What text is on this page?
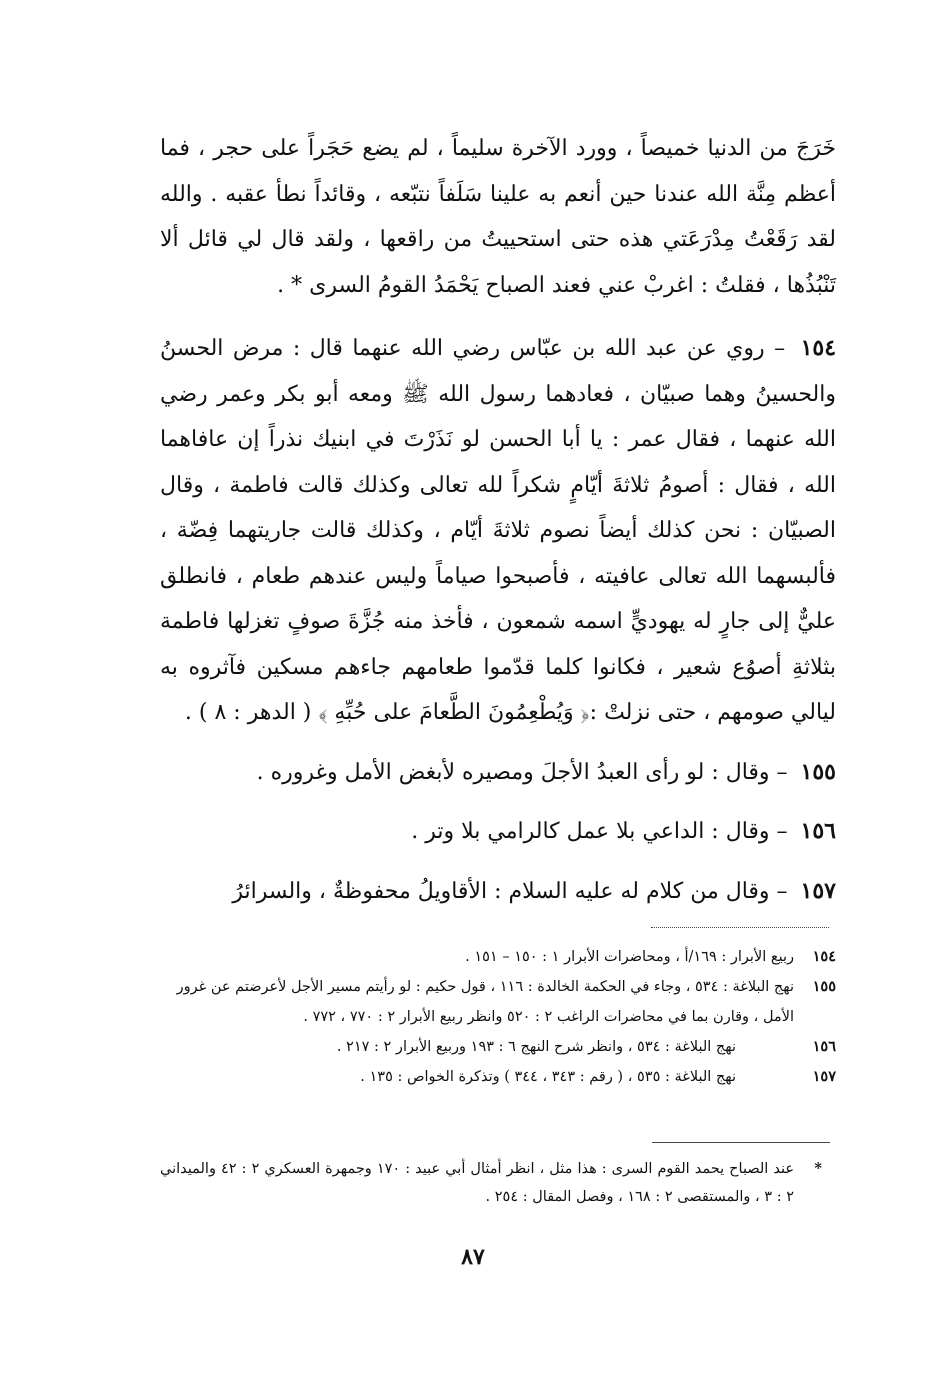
خَرَجَ من الدنيا خميصاً ، وورد الآخرة سليماً ، لم يضع حَجَراً على حجر ، فما أعظم مِنَّة الله عندنا حين أنعم به علينا سَلَفاً نتبّعه ، وقائداً نطأ عقبه . والله لقد رَقَعْتُ مِدْرَعَتي هذه حتى استحييتُ من راقعها ، ولقد قال لي قائل ألا تَنْبُذُها ، فقلتُ : اغربْ عني فعند الصباح يَحْمَدُ القومُ السرى * .

١٥٤ – روي عن عبد الله بن عبّاس رضي الله عنهما قال : مرض الحسنُ والحسينُ وهما صبيّان ، فعادهما رسول الله ﷺ ومعه أبو بكر وعمر رضي الله عنهما ، فقال عمر : يا أبا الحسن لو نَذَرْتَ في ابنيك نذراً إن عافاهما الله ، فقال : أصومُ ثلاثةَ أيّامٍ شكراً لله تعالى وكذلك قالت فاطمة ، وقال الصبيّان : نحن كذلك أيضاً نصوم ثلاثةَ أيّام ، وكذلك قالت جاريتهما فِضّة ، فألبسهما الله تعالى عافيته ، فأصبحوا صياماً وليس عندهم طعام ، فانطلق عليٌّ إلى جارٍ له يهوديٍّ اسمه شمعون ، فأخذ منه جُزَّةَ صوفٍ تغزلها فاطمة بثلاثةِ أصوُع شعير ، فكانوا كلما قدّموا طعامهم جاءهم مسكين فآثروه به ليالي صومهم ، حتى نزلتْ :﴿ وَيُطْعِمُونَ الطَّعامَ على حُبِّهِ ﴾ ( الدهر : ٨ ) .

١٥٥ – وقال : لو رأى العبدُ الأجلَ ومصيره لأبغض الأمل وغروره .

١٥٦ – وقال : الداعي بلا عمل كالرامي بلا وتر .

١٥٧ – وقال من كلام له عليه السلام : الأقاويلُ محفوظةٌ ، والسرائرُ

١٥٤
ربيع الأبرار : ١٦٩/أ ، ومحاضرات الأبرار ١ : ١٥٠ – ١٥١ .

١٥٥
نهج البلاغة : ٥٣٤ ، وجاء في الحكمة الخالدة : ١١٦ ، قول حكيم : لو رأيتم مسير الأجل لأعرضتم عن غرور الأمل ، وقارن بما في محاضرات الراغب ٢ : ٥٢٠ وانظر ربيع الأبرار ٢ : ٧٧٠ ، ٧٧٢ .

١٥٦
نهج البلاغة : ٥٣٤ ، وانظر شرح النهج ٦ : ١٩٣ وربيع الأبرار ٢ : ٢١٧ .

١٥٧
نهج البلاغة : ٥٣٥ ، ( رقم : ٣٤٣ ، ٣٤٤ ) وتذكرة الخواص : ١٣٥ .

*
عند الصباح يحمد القوم السرى : هذا مثل ، انظر أمثال أبي عبيد : ١٧٠ وجمهرة العسكري ٢ : ٤٢ والميداني ٢ : ٣ ، والمستقصى ٢ : ١٦٨ ، وفصل المقال : ٢٥٤ .

٨٧
